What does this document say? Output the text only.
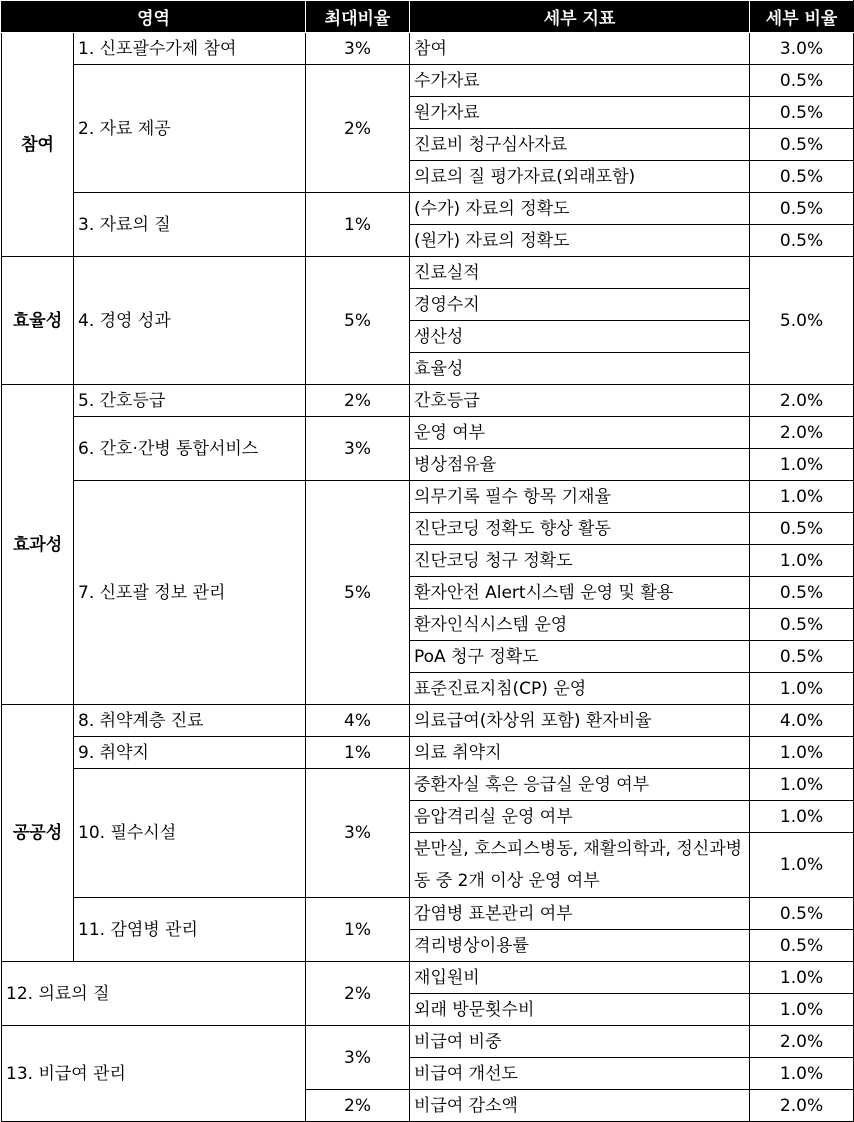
영역		최대비율	세부 지표	세부 비율
참여	1. 신포괄수가제 참여	3%	참여	3.0%
	2. 자료 제공	2%	수가자료	0.5%
			원가자료	0.5%
			진료비 청구심사자료	0.5%
			의료의 질 평가자료(외래포함)	0.5%
	3. 자료의 질	1%	(수가) 자료의 정확도	0.5%
			(원가) 자료의 정확도	0.5%
효율성	4. 경영 성과	5%	진료실적	5.0%
			경영수지	
			생산성	
			효율성	
효과성	5. 간호등급	2%	간호등급	2.0%
	6. 간호·간병 통합서비스	3%	운영 여부	2.0%
			병상점유율	1.0%
	7. 신포괄 정보 관리	5%	의무기록 필수 항목 기재율	1.0%
			진단코딩 정확도 향상 활동	0.5%
			진단코딩 청구 정확도	1.0%
			환자안전 Alert시스템 운영 및 활용	0.5%
			환자인식시스템 운영	0.5%
			PoA 청구 정확도	0.5%
			표준진료지침(CP) 운영	1.0%
공공성	8. 취약계층 진료	4%	의료급여(차상위 포함) 환자비율	4.0%
	9. 취약지	1%	의료 취약지	1.0%
	10. 필수시설	3%	중환자실 혹은 응급실 운영 여부	1.0%
			음압격리실 운영 여부	1.0%
			분만실, 호스피스병동, 재활의학과, 정신과병동 중 2개 이상 운영 여부	1.0%
	11. 감염병 관리	1%	감염병 표본관리 여부	0.5%
			격리병상이용률	0.5%
12. 의료의 질		2%	재입원비	1.0%
			외래 방문횟수비	1.0%
13. 비급여 관리		3%	비급여 비중	2.0%
			비급여 개선도	1.0%
		2%	비급여 감소액	2.0%
